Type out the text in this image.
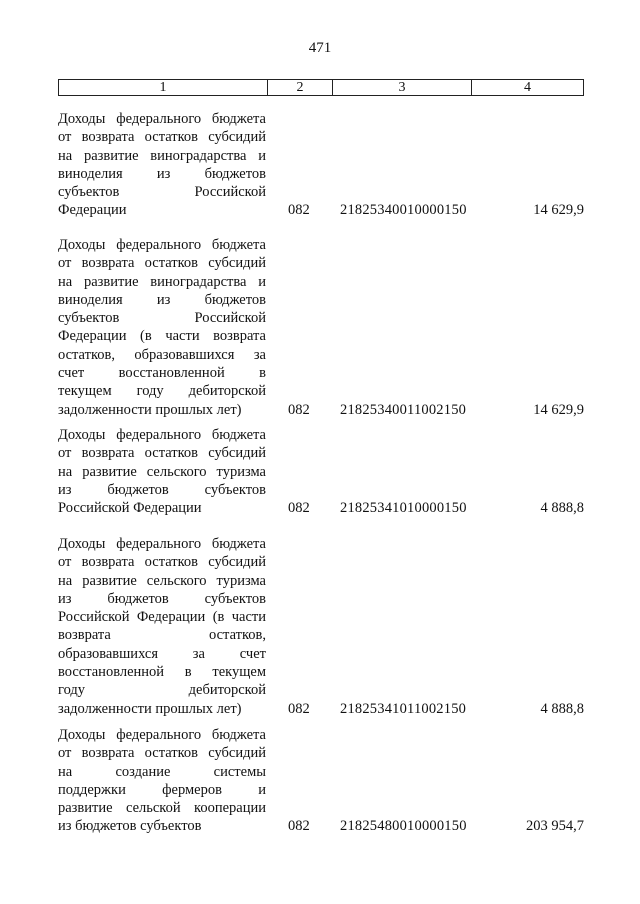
471
1	2	3	4
Доходы федерального бюджета
от возврата остатков субсидий
на развитие виноградарства и
виноделия из бюджетов
субъектов Российской
Федерации	082	21825340010000150	14 629,9
Доходы федерального бюджета
от возврата остатков субсидий
на развитие виноградарства и
виноделия из бюджетов
субъектов Российской
Федерации (в части возврата
остатков, образовавшихся за
счет восстановленной в
текущем году дебиторской
задолженности прошлых лет)	082	21825340011002150	14 629,9
Доходы федерального бюджета
от возврата остатков субсидий
на развитие сельского туризма
из бюджетов субъектов
Российской Федерации	082	21825341010000150	4 888,8
Доходы федерального бюджета
от возврата остатков субсидий
на развитие сельского туризма
из бюджетов субъектов
Российской Федерации (в части
возврата остатков,
образовавшихся за счет
восстановленной в текущем
году дебиторской
задолженности прошлых лет)	082	21825341011002150	4 888,8
Доходы федерального бюджета
от возврата остатков субсидий
на создание системы
поддержки фермеров и
развитие сельской кооперации
из бюджетов субъектов	082	21825480010000150	203 954,7
